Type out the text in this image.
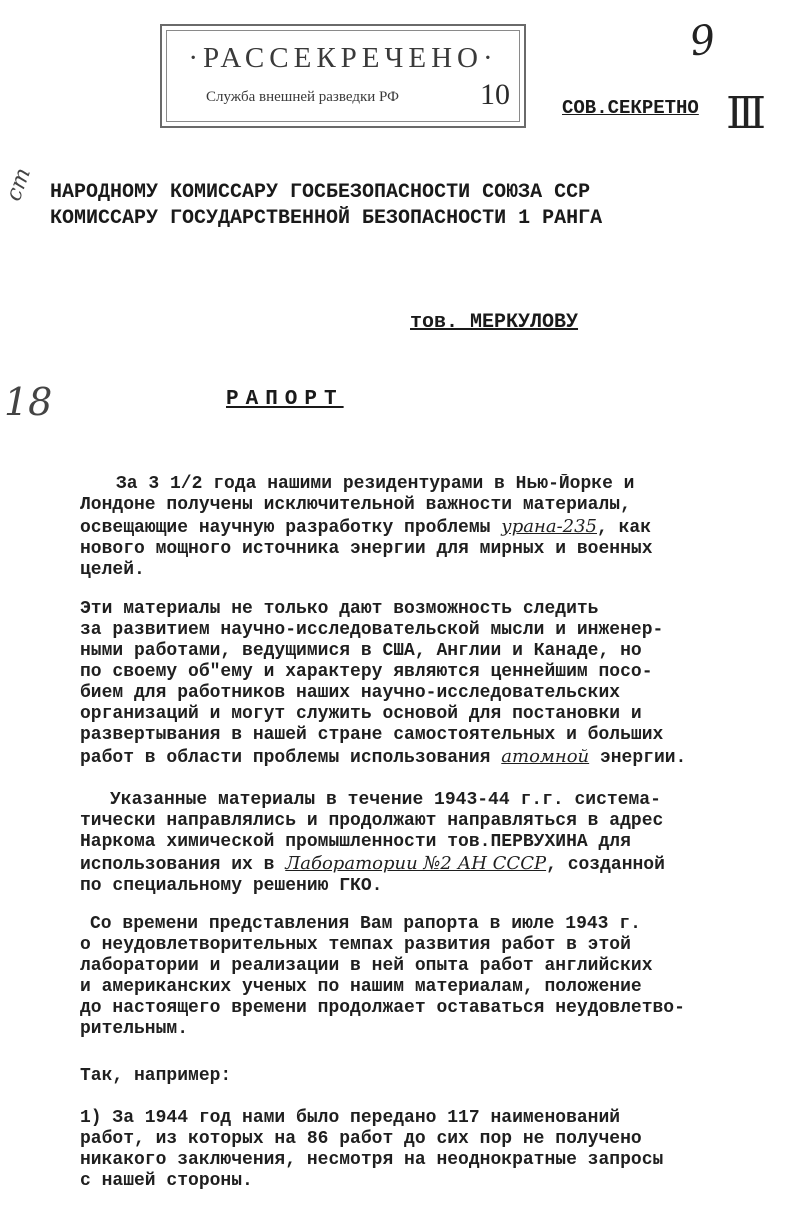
·РАССЕКРЕЧЕНО·
Служба внешней разведки РФ	10
9
СОВ.СЕКРЕТНО III
ст
18
НАРОДНОМУ КОМИССАРУ ГОСБЕЗОПАСНОСТИ СОЮЗА ССР
КОМИССАРУ ГОСУДАРСТВЕННОЙ БЕЗОПАСНОСТИ 1 РАНГА
тов. МЕРКУЛОВУ
РАПОРТ
За 3 1/2 года нашими резидентурами в Нью-Йорке и
Лондоне получены исключительной важности материалы,
освещающие научную разработку проблемы урана-235, как
нового мощного источника энергии для мирных и военных
целей.
Эти материалы не только дают возможность следить
за развитием научно-исследовательской мысли и инженер-
ными работами, ведущимися в США, Англии и Канаде, но
по своему об"ему и характеру являются ценнейшим посо-
бием для работников наших научно-исследовательских
организаций и могут служить основой для постановки и
развертывания в нашей стране самостоятельных и больших
работ в области проблемы использования атомной энергии.
Указанные материалы в течение 1943-44 г.г. система-
тически направлялись и продолжают направляться в адрес
Наркома химической промышленности тов.ПЕРВУХИНА для
использования их в Лаборатории №2 АН СССР, созданной
по специальному решению ГКО.
Со времени представления Вам рапорта в июле 1943 г.
о неудовлетворительных темпах развития работ в этой
лаборатории и реализации в ней опыта работ английских
и американских ученых по нашим материалам, положение
до настоящего времени продолжает оставаться неудовлетво-
рительным.
Так, например:
1) За 1944 год нами было передано 117 наименований
работ, из которых на 86 работ до сих пор не получено
никакого заключения, несмотря на неоднократные запросы
с нашей стороны.
